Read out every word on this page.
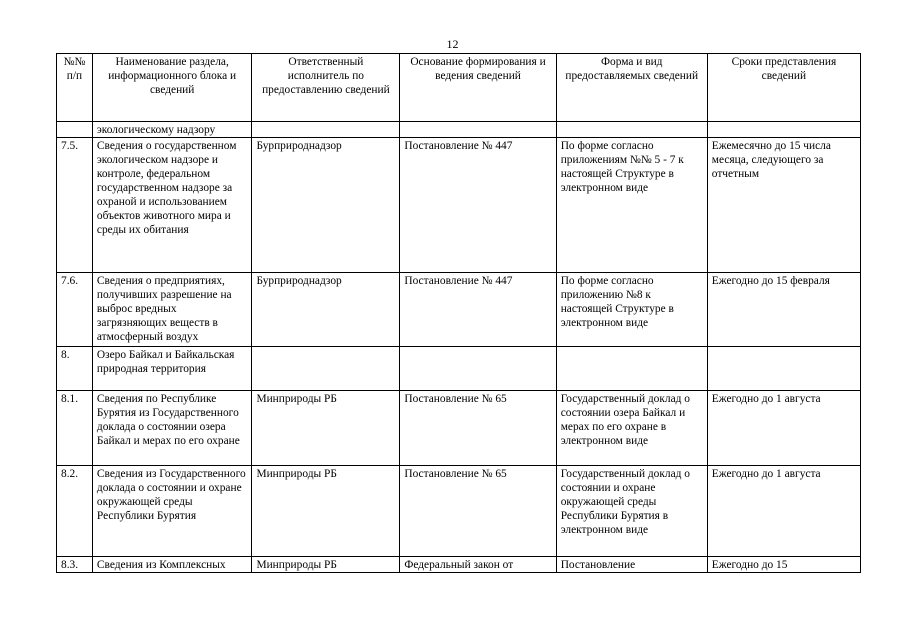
12
№№ п/п	Наименование раздела, информационного блока и сведений	Ответственный исполнитель по предоставлению сведений	Основание формирования и ведения сведений	Форма и вид предоставляемых сведений	Сроки представления сведений
	экологическому надзору				
7.5.	Сведения о государственном экологическом надзоре и контроле, федеральном государственном надзоре за охраной и использованием объектов животного мира и среды их обитания	Бурприроднадзор	Постановление № 447	По форме согласно приложениям №№ 5 - 7 к настоящей Структуре в электронном виде	Ежемесячно до 15 числа месяца, следующего за отчетным
7.6.	Сведения о предприятиях, получивших разрешение на выброс вредных загрязняющих веществ в атмосферный воздух	Бурприроднадзор	Постановление № 447	По форме согласно приложению №8 к настоящей Структуре в электронном виде	Ежегодно до 15 февраля
8.	Озеро Байкал и Байкальская природная территория				
8.1.	Сведения по Республике Бурятия из Государственного доклада о состоянии озера Байкал и мерах по его охране	Минприроды РБ	Постановление № 65	Государственный доклад о состоянии озера Байкал и мерах по его охране в электронном виде	Ежегодно до 1 августа
8.2.	Сведения из Государственного доклада о состоянии и охране окружающей среды Республики Бурятия	Минприроды РБ	Постановление № 65	Государственный доклад о состоянии и охране окружающей среды Республики Бурятия в электронном виде	Ежегодно до 1 августа
8.3.	Сведения из Комплексных	Минприроды РБ	Федеральный закон от	Постановление	Ежегодно до 15
